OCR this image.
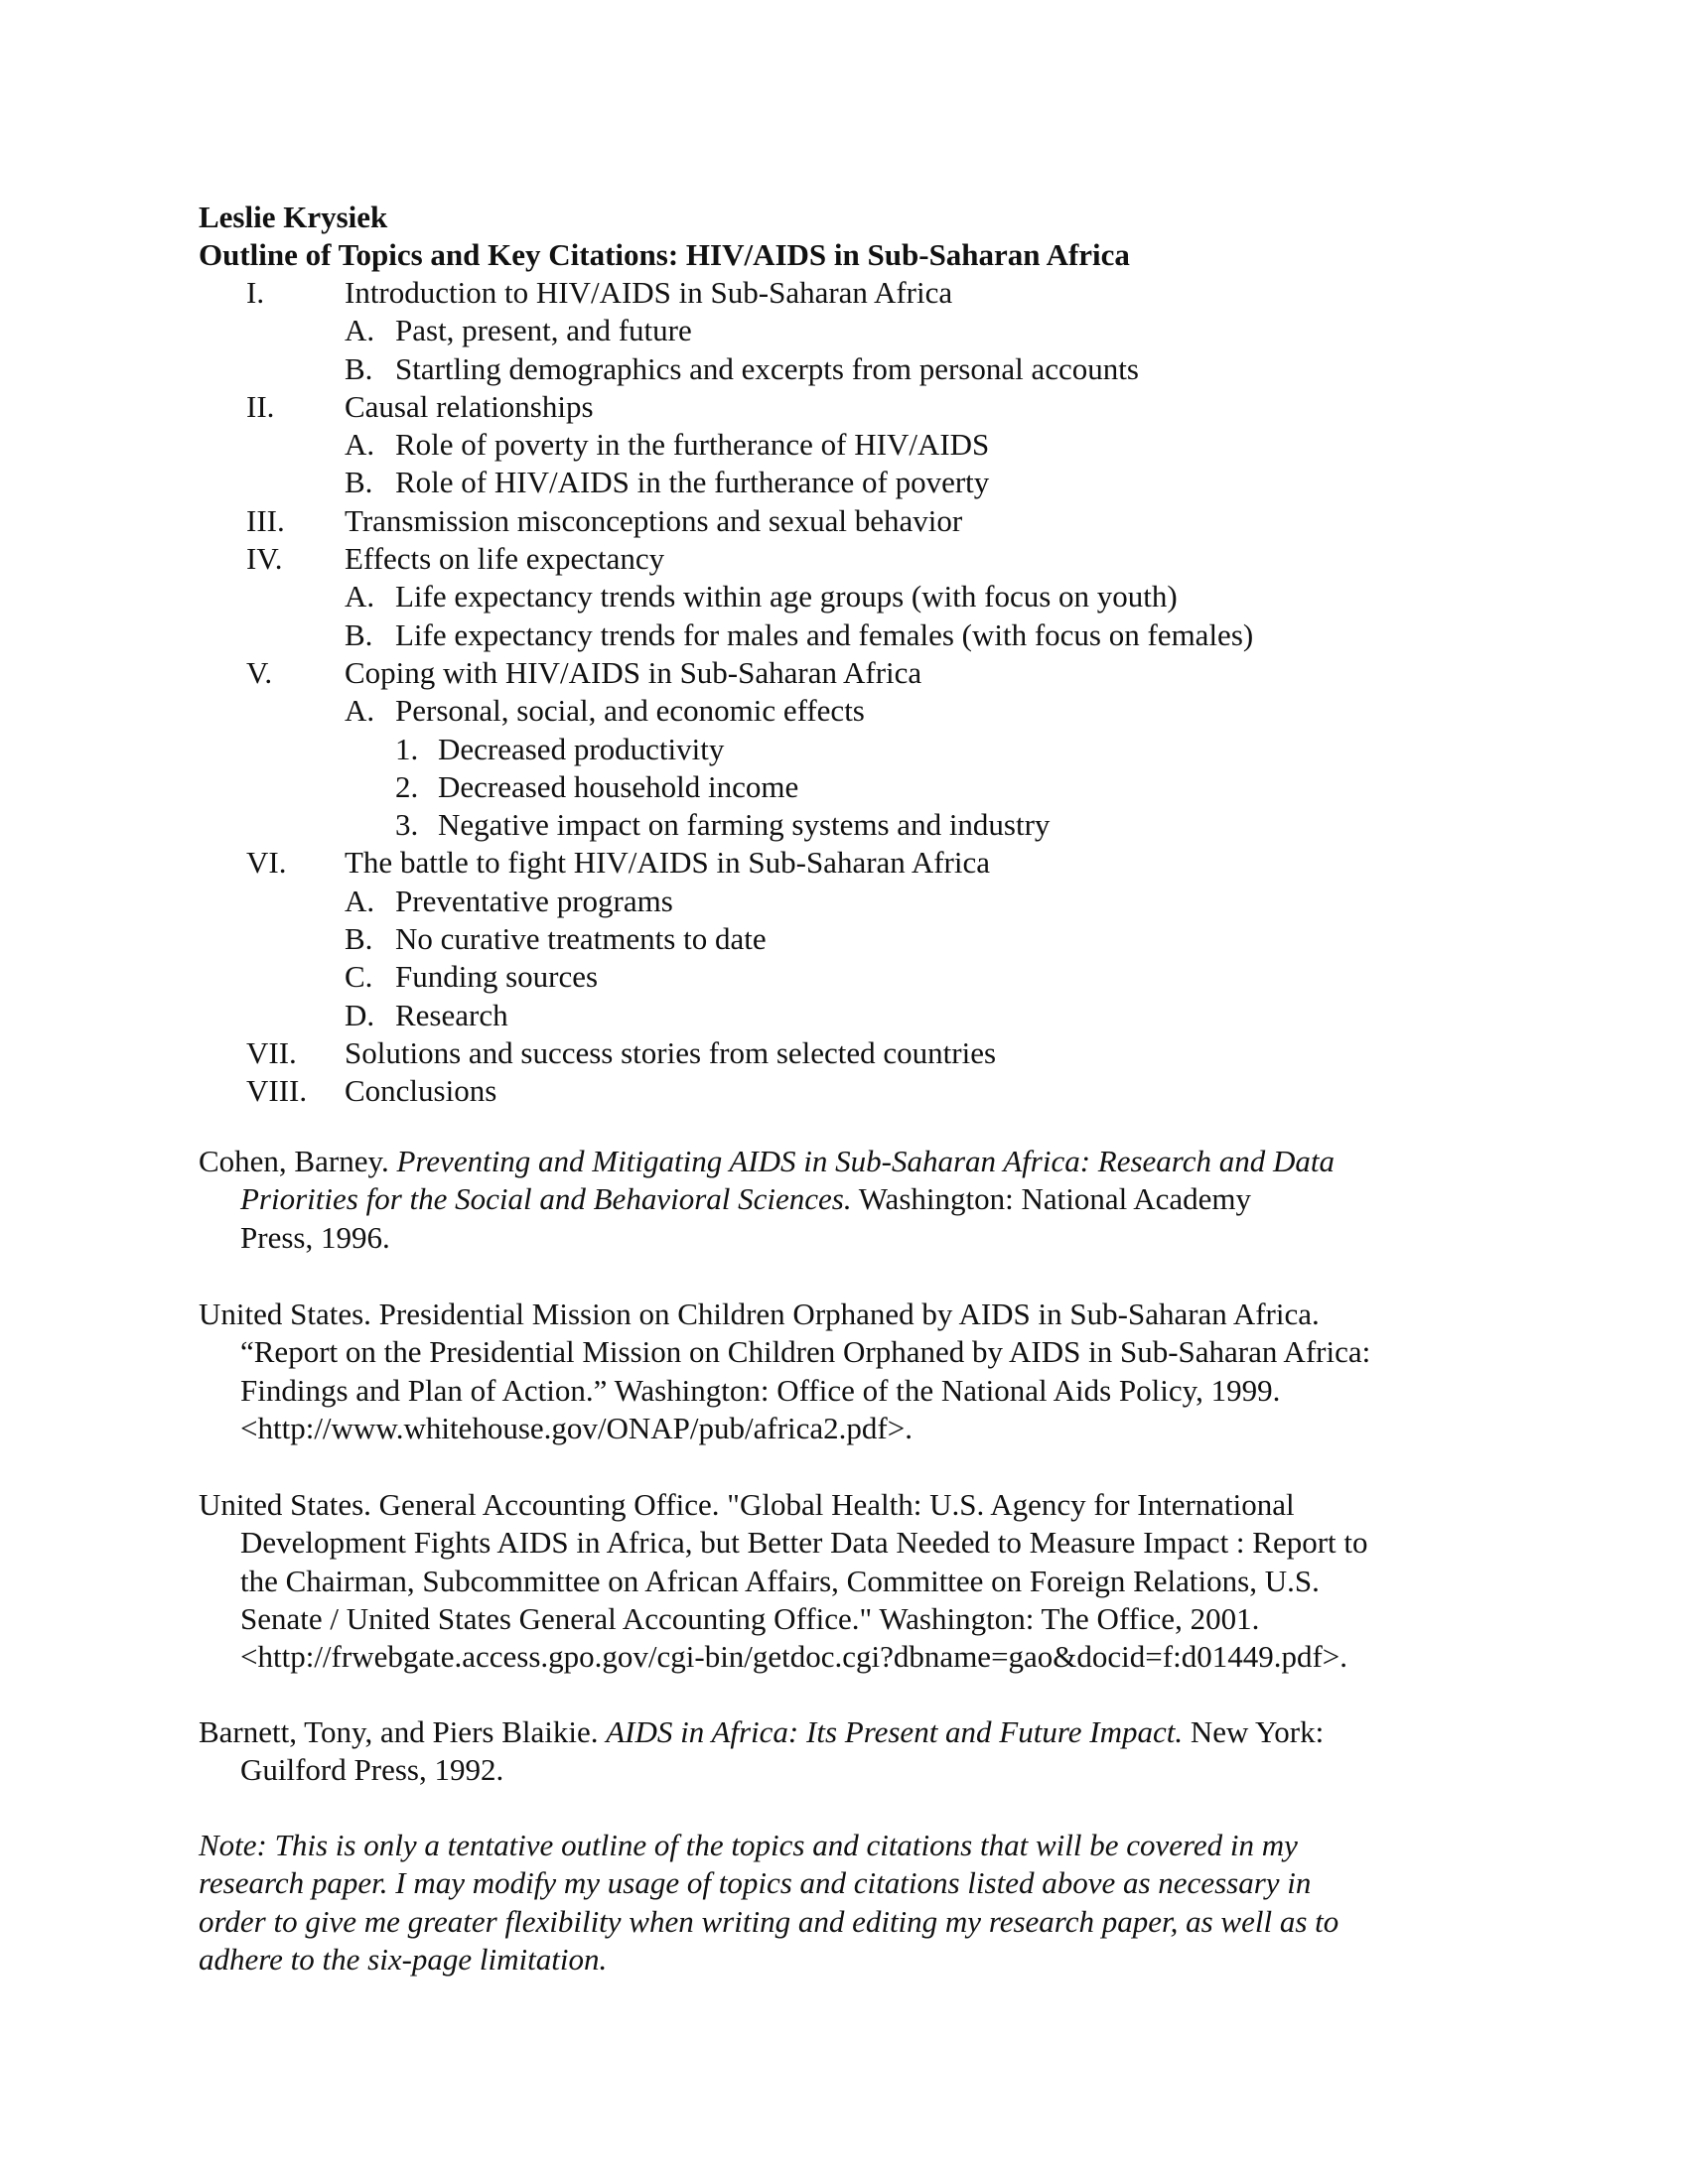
Leslie Krysiek
Outline of Topics and Key Citations: HIV/AIDS in Sub-Saharan Africa
I.	Introduction to HIV/AIDS in Sub-Saharan Africa
A. Past, present, and future
B. Startling demographics and excerpts from personal accounts
II. Causal relationships
A. Role of poverty in the furtherance of HIV/AIDS
B. Role of HIV/AIDS in the furtherance of poverty
III. Transmission misconceptions and sexual behavior
IV. Effects on life expectancy
A. Life expectancy trends within age groups (with focus on youth)
B. Life expectancy trends for males and females (with focus on females)
V. Coping with HIV/AIDS in Sub-Saharan Africa
A. Personal, social, and economic effects
1. Decreased productivity
2. Decreased household income
3. Negative impact on farming systems and industry
VI. The battle to fight HIV/AIDS in Sub-Saharan Africa
A. Preventative programs
B. No curative treatments to date
C. Funding sources
D. Research
VII. Solutions and success stories from selected countries
VIII. Conclusions
Cohen, Barney. Preventing and Mitigating AIDS in Sub-Saharan Africa: Research and Data
Priorities for the Social and Behavioral Sciences. Washington: National Academy
Press, 1996.
United States. Presidential Mission on Children Orphaned by AIDS in Sub-Saharan Africa.
“Report on the Presidential Mission on Children Orphaned by AIDS in Sub-Saharan Africa:
Findings and Plan of Action.” Washington: Office of the National Aids Policy, 1999.
<http://www.whitehouse.gov/ONAP/pub/africa2.pdf>.
United States. General Accounting Office. "Global Health: U.S. Agency for International
Development Fights AIDS in Africa, but Better Data Needed to Measure Impact : Report to
the Chairman, Subcommittee on African Affairs, Committee on Foreign Relations, U.S.
Senate / United States General Accounting Office." Washington: The Office, 2001.
<http://frwebgate.access.gpo.gov/cgi-bin/getdoc.cgi?dbname=gao&docid=f:d01449.pdf>.
Barnett, Tony, and Piers Blaikie. AIDS in Africa: Its Present and Future Impact. New York:
Guilford Press, 1992.
Note: This is only a tentative outline of the topics and citations that will be covered in my
research paper. I may modify my usage of topics and citations listed above as necessary in
order to give me greater flexibility when writing and editing my research paper, as well as to
adhere to the six-page limitation.
